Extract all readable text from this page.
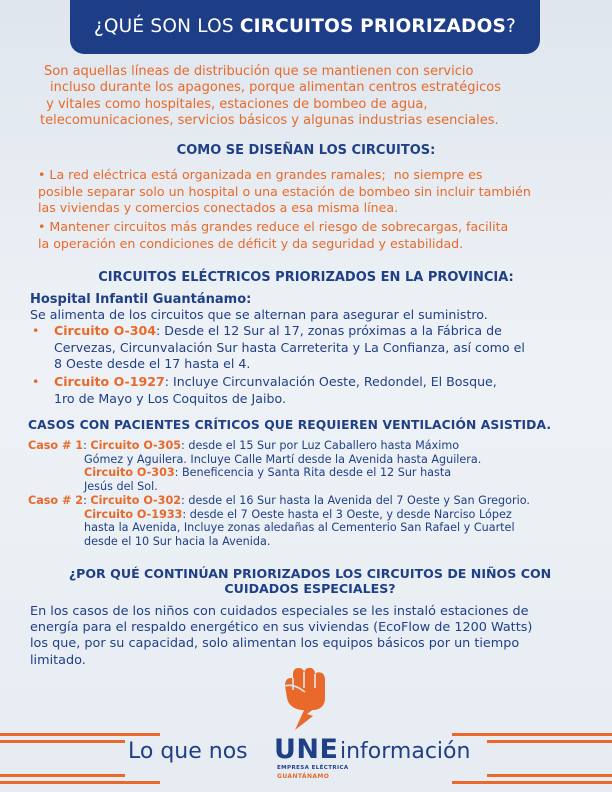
¿QUÉ SON LOS CIRCUITOS PRIORIZADOS?
Son aquellas líneas de distribución que se mantienen con servicio
incluso durante los apagones, porque alimentan centros estratégicos
y vitales como hospitales, estaciones de bombeo de agua,
telecomunicaciones, servicios básicos y algunas industrias esenciales.
COMO SE DISEÑAN LOS CIRCUITOS:
• La red eléctrica está organizada en grandes ramales;  no siempre es
posible separar solo un hospital o una estación de bombeo sin incluir también
las viviendas y comercios conectados a esa misma línea.
• Mantener circuitos más grandes reduce el riesgo de sobrecargas, facilita
la operación en condiciones de déficit y da seguridad y estabilidad.
CIRCUITOS ELÉCTRICOS PRIORIZADOS EN LA PROVINCIA:
Hospital Infantil Guantánamo:
Se alimenta de los circuitos que se alternan para asegurar el suministro.
• Circuito O-304: Desde el 12 Sur al 17, zonas próximas a la Fábrica de
Cervezas, Circunvalación Sur hasta Carreterita y La Confianza, así como el
8 Oeste desde el 17 hasta el 4.
• Circuito O-1927: Incluye Circunvalación Oeste, Redondel, El Bosque,
1ro de Mayo y Los Coquitos de Jaibo.
CASOS CON PACIENTES CRÍTICOS QUE REQUIEREN VENTILACIÓN ASISTIDA.
Caso # 1: Circuito O-305: desde el 15 Sur por Luz Caballero hasta Máximo
Gómez y Aguilera. Incluye Calle Martí desde la Avenida hasta Aguilera.
Circuito O-303: Beneficencia y Santa Rita desde el 12 Sur hasta
Jesús del Sol.
Caso # 2: Circuito O-302: desde el 16 Sur hasta la Avenida del 7 Oeste y San Gregorio.
Circuito O-1933: desde el 7 Oeste hasta el 3 Oeste, y desde Narciso López
hasta la Avenida, Incluye zonas aledañas al Cementerio San Rafael y Cuartel
desde el 10 Sur hacia la Avenida.
¿POR QUÉ CONTINÚAN PRIORIZADOS LOS CIRCUITOS DE NIÑOS CON
CUIDADOS ESPECIALES?
En los casos de los niños con cuidados especiales se les instaló estaciones de
energía para el respaldo energético en sus viviendas (EcoFlow de 1200 Watts)
los que, por su capacidad, solo alimentan los equipos básicos por un tiempo
limitado.
Lo que nos UNE
EMPRESA ELÉCTRICA
GUANTÁNAMO
información
